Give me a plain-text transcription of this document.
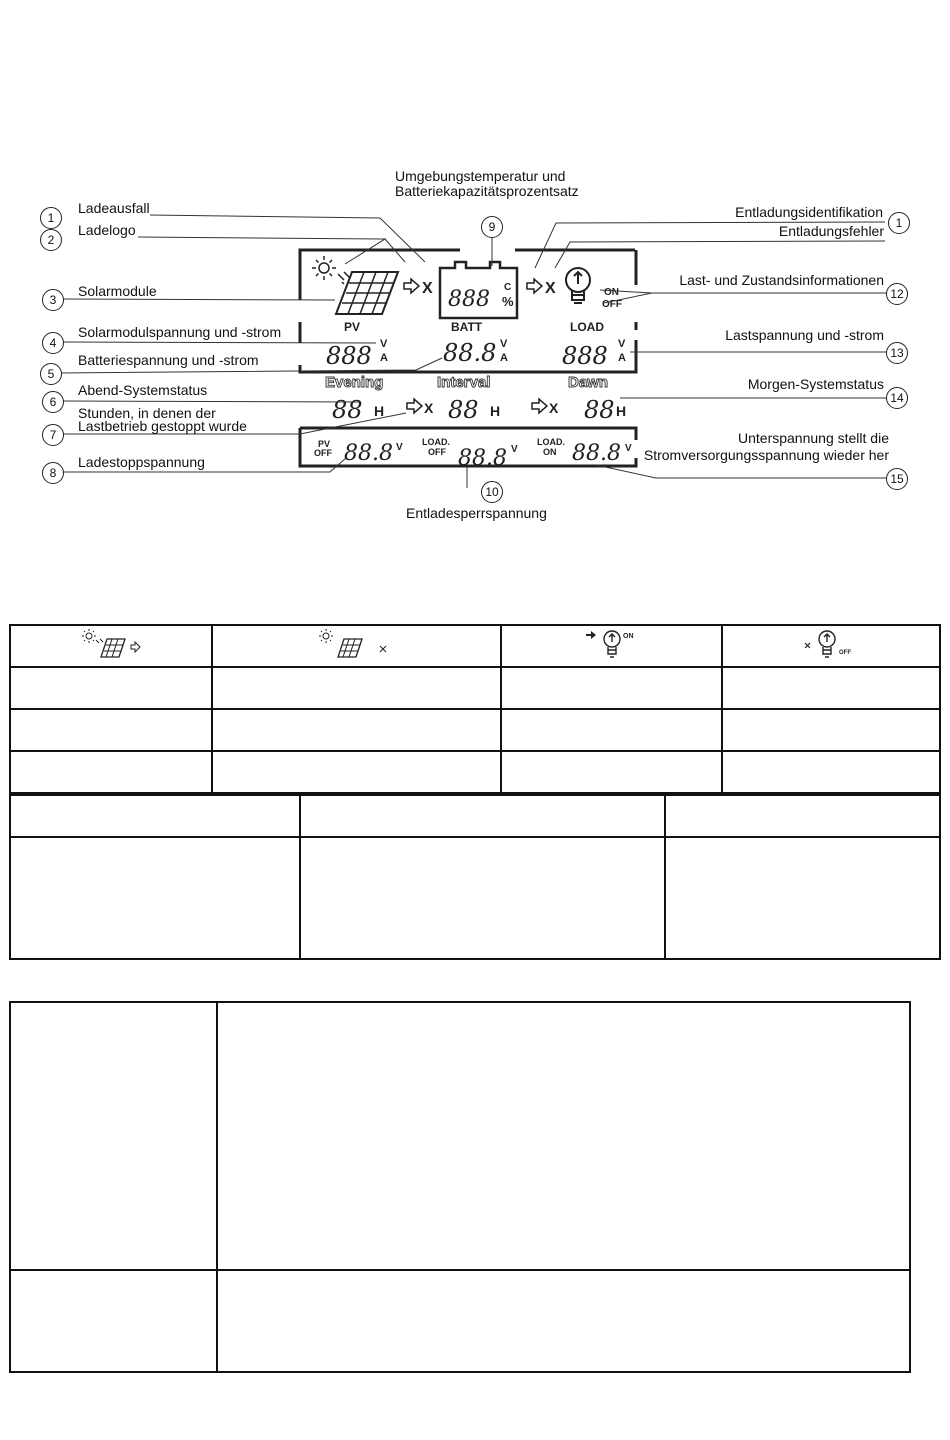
X	X	ON
OFF
888 C
%
PV	BATT	LOAD
888	88.8	888
V
A
V
A
V
A
Evening	Interval	Dawn
88	88	88
H	H	H
X	X
PV
OFF
LOAD.
OFF
LOAD.
ON
88.8	88.8	88.8
V	V	V
1
2
3
4
5
6
7
8
9
10
1
12
13
14
15
Ladeausfall
Ladelogo
Solarmodule
Solarmodulspannung und -strom
Batteriespannung und -strom
Abend-Systemstatus
Stunden, in denen der
Lastbetrieb gestoppt wurde
Ladestoppspannung
Umgebungstemperatur und
Batteriekapazitätsprozentsatz
Entladesperrspannung
Entladungsidentifikation
Entladungsfehler
Last- und Zustandsinformationen
Lastspannung und -strom
Morgen-Systemstatus
Unterspannung stellt die
Stromversorgungsspannung wieder her

ON	OFF
